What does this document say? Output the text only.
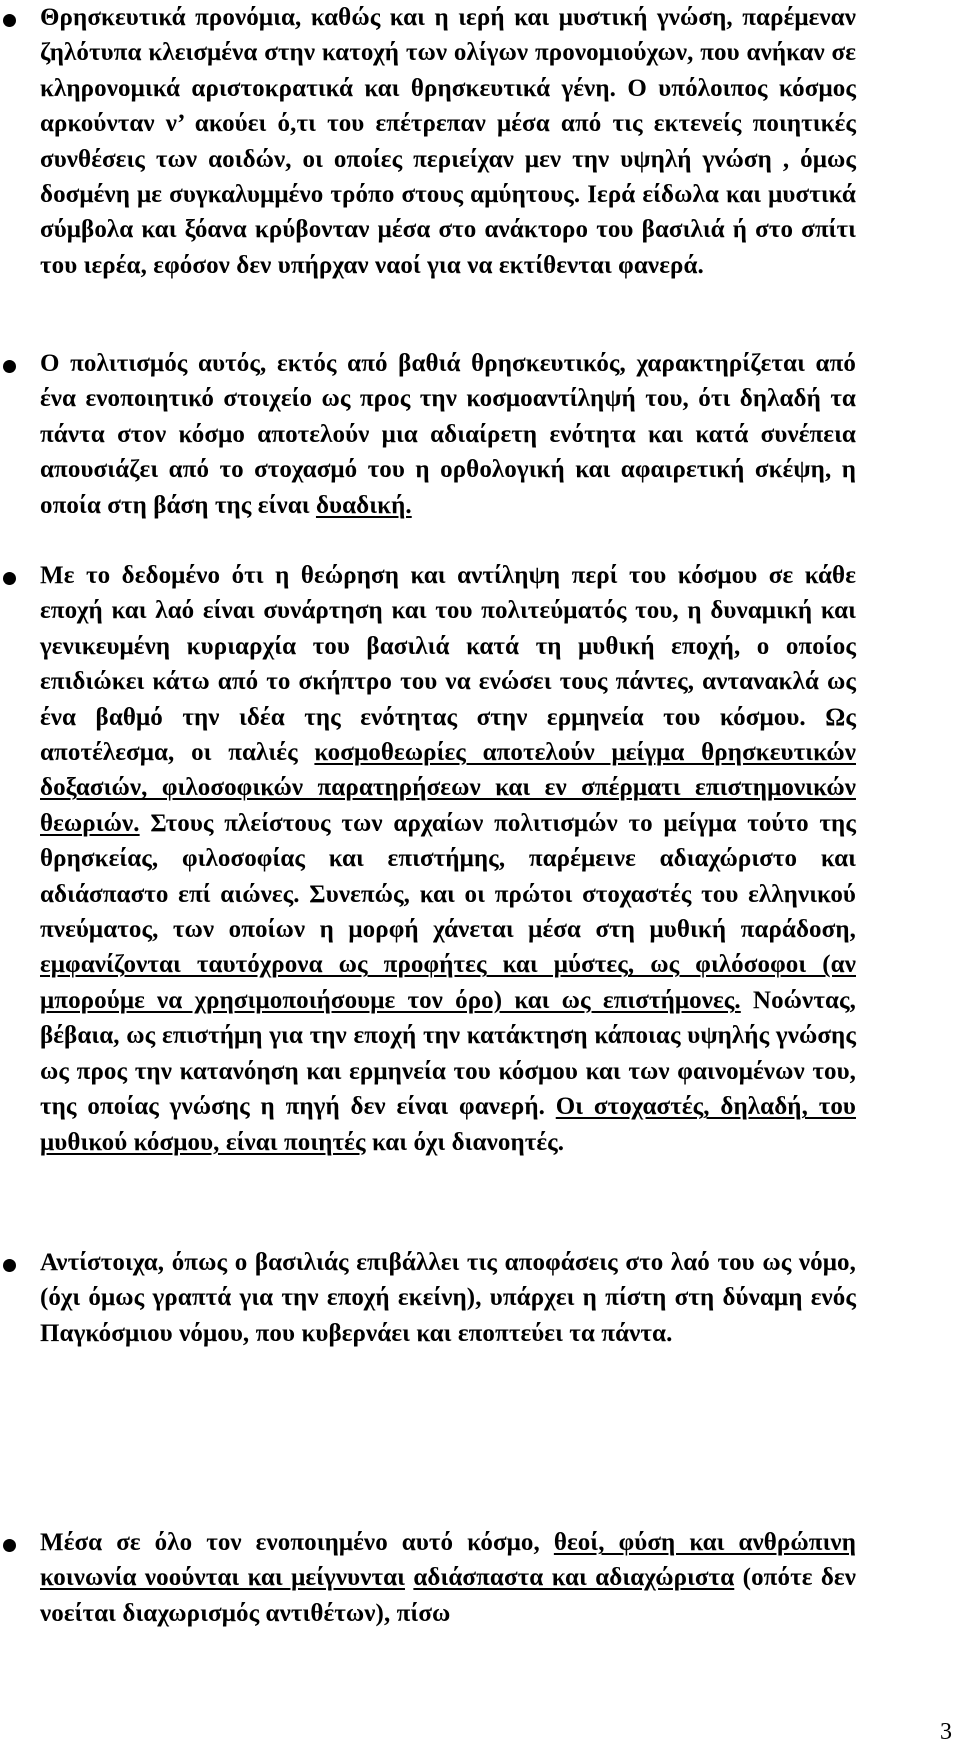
Θρησκευτικά προνόμια, καθώς και η ιερή και μυστική γνώση, παρέμεναν ζηλότυπα κλεισμένα στην κατοχή των ολίγων προνομιούχων, που ανήκαν σε κληρονομικά αριστοκρατικά και θρησκευτικά γένη. Ο υπόλοιπος κόσμος αρκούνταν ν’ ακούει ό,τι του επέτρεπαν μέσα από τις εκτενείς ποιητικές συνθέσεις των αοιδών, οι οποίες περιείχαν μεν την υψηλή γνώση , όμως δοσμένη με συγκαλυμμένο τρόπο στους αμύητους. Ιερά είδωλα και μυστικά σύμβολα και ξόανα κρύβονταν μέσα στο ανάκτορο του βασιλιά ή στο σπίτι του ιερέα, εφόσον δεν υπήρχαν ναοί για να εκτίθενται φανερά.
Ο πολιτισμός αυτός, εκτός από βαθιά θρησκευτικός, χαρακτηρίζεται από ένα ενοποιητικό στοιχείο ως προς την κοσμοαντίληψή του, ότι δηλαδή τα πάντα στον κόσμο αποτελούν μια αδιαίρετη ενότητα και κατά συνέπεια απουσιάζει από το στοχασμό του η ορθολογική και αφαιρετική σκέψη, η οποία στη βάση της είναι δυαδική.
Με το δεδομένο ότι η θεώρηση και αντίληψη περί του κόσμου σε κάθε εποχή και λαό είναι συνάρτηση και του πολιτεύματός του, η δυναμική και γενικευμένη κυριαρχία του βασιλιά κατά τη μυθική εποχή, ο οποίος επιδιώκει κάτω από το σκήπτρο του να ενώσει τους πάντες, αντανακλά ως ένα βαθμό την ιδέα της ενότητας στην ερμηνεία του κόσμου. Ως αποτέλεσμα, οι παλιές κοσμοθεωρίες αποτελούν μείγμα θρησκευτικών δοξασιών, φιλοσοφικών παρατηρήσεων και εν σπέρματι επιστημονικών θεωριών. Στους πλείστους των αρχαίων πολιτισμών το μείγμα τούτο της θρησκείας, φιλοσοφίας και επιστήμης, παρέμεινε αδιαχώριστο και αδιάσπαστο επί αιώνες. Συνεπώς, και οι πρώτοι στοχαστές του ελληνικού πνεύματος, των οποίων η μορφή χάνεται μέσα στη μυθική παράδοση, εμφανίζονται ταυτόχρονα ως προφήτες και μύστες, ως φιλόσοφοι (αν μπορούμε να χρησιμοποιήσουμε τον όρο) και ως επιστήμονες. Νοώντας, βέβαια, ως επιστήμη για την εποχή την κατάκτηση κάποιας υψηλής γνώσης ως προς την κατανόηση και ερμηνεία του κόσμου και των φαινομένων του, της οποίας γνώσης η πηγή δεν είναι φανερή. Οι στοχαστές, δηλαδή, του μυθικού κόσμου, είναι ποιητές και όχι διανοητές.
Αντίστοιχα, όπως ο βασιλιάς επιβάλλει τις αποφάσεις στο λαό του ως νόμο, (όχι όμως γραπτά για την εποχή εκείνη), υπάρχει η πίστη στη δύναμη ενός Παγκόσμιου νόμου, που κυβερνάει και εποπτεύει τα πάντα.
Μέσα σε όλο τον ενοποιημένο αυτό κόσμο, θεοί, φύση και ανθρώπινη κοινωνία νοούνται και μείγνυνται αδιάσπαστα και αδιαχώριστα (οπότε δεν νοείται διαχωρισμός αντιθέτων), πίσω
3
